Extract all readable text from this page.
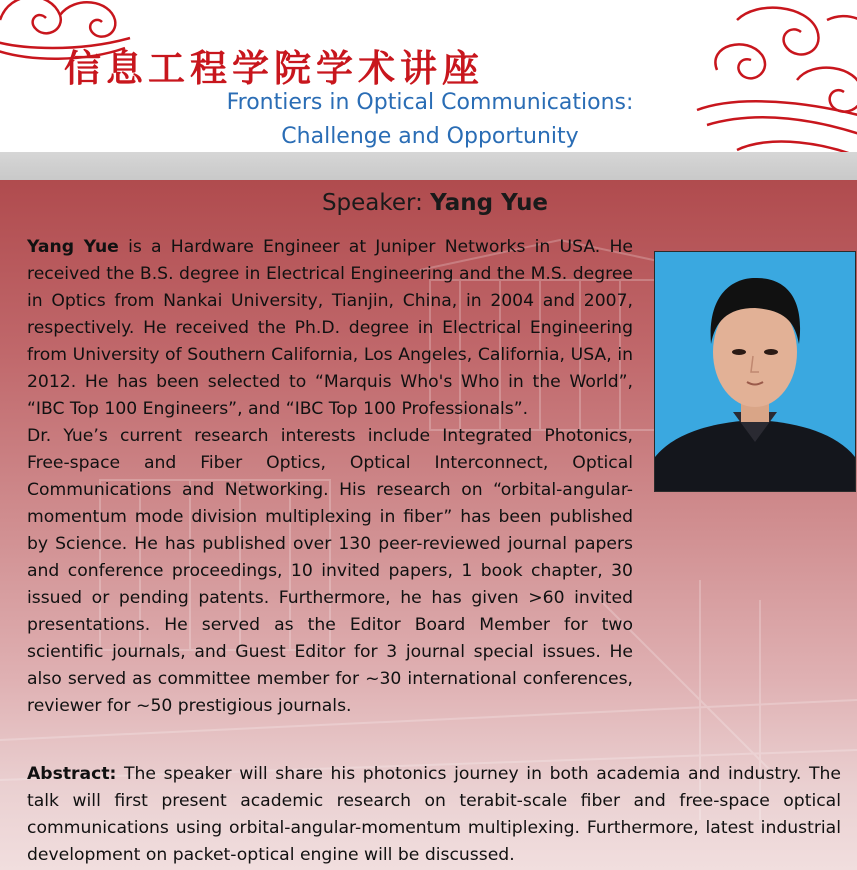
信息工程学院学术讲座
Frontiers in Optical Communications:
Challenge and Opportunity
Speaker: Yang Yue

Yang Yue is a Hardware Engineer at Juniper Networks in USA. He received the B.S. degree in Electrical Engineering and the M.S. degree in Optics from Nankai University, Tianjin, China, in 2004 and 2007, respectively. He received the Ph.D. degree in Electrical Engineering from University of Southern California, Los Angeles, California, USA, in 2012. He has been selected to “Marquis Who's Who in the World”, “IBC Top 100 Engineers”, and “IBC Top 100 Professionals”.

Dr. Yue’s current research interests include Integrated Photonics, Free-space and Fiber Optics, Optical Interconnect, Optical Communications and Networking. His research on “orbital-angular-momentum mode division multiplexing in fiber” has been published by Science. He has published over 130 peer-reviewed journal papers and conference proceedings, 10 invited papers, 1 book chapter, 30 issued or pending patents. Furthermore, he has given >60 invited presentations. He served as the Editor Board Member for two scientific journals, and Guest Editor for 3 journal special issues. He also served as committee member for ~30 international conferences, reviewer for ~50 prestigious journals.

Abstract: The speaker will share his photonics journey in both academia and industry. The talk will first present academic research on terabit-scale fiber and free-space optical communications using orbital-angular-momentum multiplexing. Furthermore, latest industrial development on packet-optical engine will be discussed.
